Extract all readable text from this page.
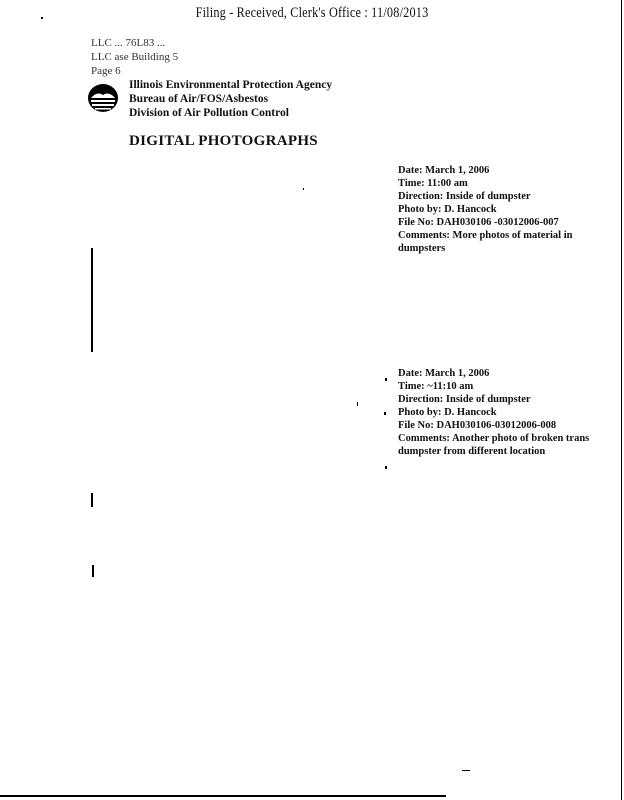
Filing - Received, Clerk's Office : 11/08/2013
LLC ... 76L83 ...
LLC ase Building 5
Page 6
Illinois Environmental Protection Agency
Bureau of Air/FOS/Asbestos
Division of Air Pollution Control
DIGITAL PHOTOGRAPHS
Date: March 1, 2006
Time: 11:00 am
Direction: Inside of dumpster
Photo by: D. Hancock
File No: DAH030106 -03012006-007
Comments: More photos of material in dumpsters
Date: March 1, 2006
Time: ~11:10 am
Direction: Inside of dumpster
Photo by: D. Hancock
File No: DAH030106-03012006-008
Comments: Another photo of broken trans dumpster from different location
